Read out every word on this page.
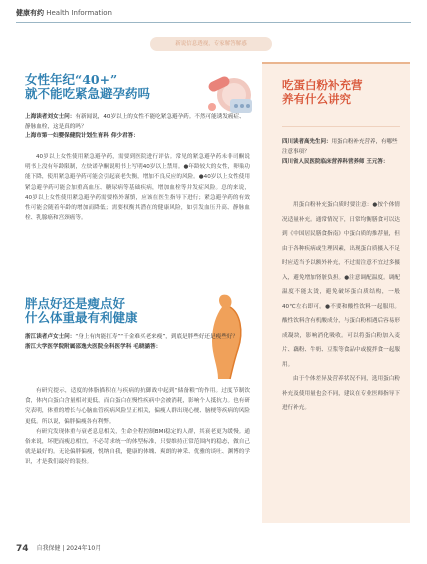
健康有约 Health Information
新说信息透视，专家解答解惑
女性年纪“40+”
就不能吃紧急避孕药吗
上海读者刘女士问：有新闻说，40岁以上的女性不能吃紧急避孕药。不然可能诱发癌症、静脉血栓，这是真的吗？
上海市第一妇婴保健院计划生育科 仰少君答：

40岁以上女性使用紧急避孕药，需要到医院进行评估。常见的紧急避孕药未非司酮说明书上没有年龄限制，左炔诺孕酮说明书上写明40岁以上禁用。●年龄较大的女性，卵巢功能下降，使用紧急避孕药可能会引起衰老失衡，增加不良反应的风险。●40岁以上女性使用紧急避孕药可能会加重高血压、糖尿病等基础疾病，增加血栓等并发症风险。总的来说，40岁以上女性使用紧急避孕药需要格外谨慎，应该在医生指导下进行；紧急避孕药的有效性可能会随着年龄的增加而降低；需要权衡其潜在的健康风险，如引发血压升高、静脉血栓、乳腺癌和宫颈癌等。

胖点好还是瘦点好
什么体重最有利健康
浙江读者卢女士问：“身上有肉能扛寿”“千金难买老来瘦”，到底是胖些好还是瘦些好？
浙江大学医学院附属邵逸夫医院全科医学科 毛晓涵答：

有研究提示，适度的体脂描积在与疾病的抗御战中起到“储备粮”的作用。过度节制饮食，体内白蛋白含量相对更低，而白蛋白在慢性疾病中会被消耗，影响个人抵抗力。也有研究表明，体重的增长与心脑血管疾病风险呈正相关，偏瘦人群出现心梗、脑梗等疾病的风险更低。所以说，偏胖偏瘦各有利弊。

有研究发现体重与衰老息息相关，生命全程控制BMI稳定的人群，其衰老更为缓慢。通俗来说，坏肥而瘦总相宜，不必苛求统一的体型标准，只要维持正常范围内的稳态，做自己就是最好的。无论偏胖偏瘦，悦纳自我，健康的体魄、爽朗的神采、优雅的谈吐、渊博的学识，才是我们最好的装扮。

吃蛋白粉补充营
养有什么讲究
四川读者高先生问：用蛋白粉补充营养，有哪些注意事项？
四川省人民医院临床营养科营养师 王元答：

用蛋白粉补充蛋白质时要注意：●按个体情况适量补充。通常情况下，日常均衡膳食可以达到《中国居民膳食指南》中蛋白质的推荐量，但由于各种疾病或生理因素，出现蛋白质摄入不足时应适当予以额外补充，不过需注意不宜过多摄入，避免增加肾脏负担。●注意调配温度。调配温度不能太烫，避免破坏蛋白质结构，一般40℃左右即可。●不要和酸性饮料一起服用。酸性饮料含有机酸成分，与蛋白粉相遇后容易形成凝块，影响消化吸收。可以将蛋白粉加入麦片、藕粉、牛奶、豆浆等食品中或搅拌食一起服用。

由于个体差异及营养状况不同，选用蛋白粉补充及使用量也会不同，建议在专业医师指导下进行补充。

74 自我保健 | 2024年10月
